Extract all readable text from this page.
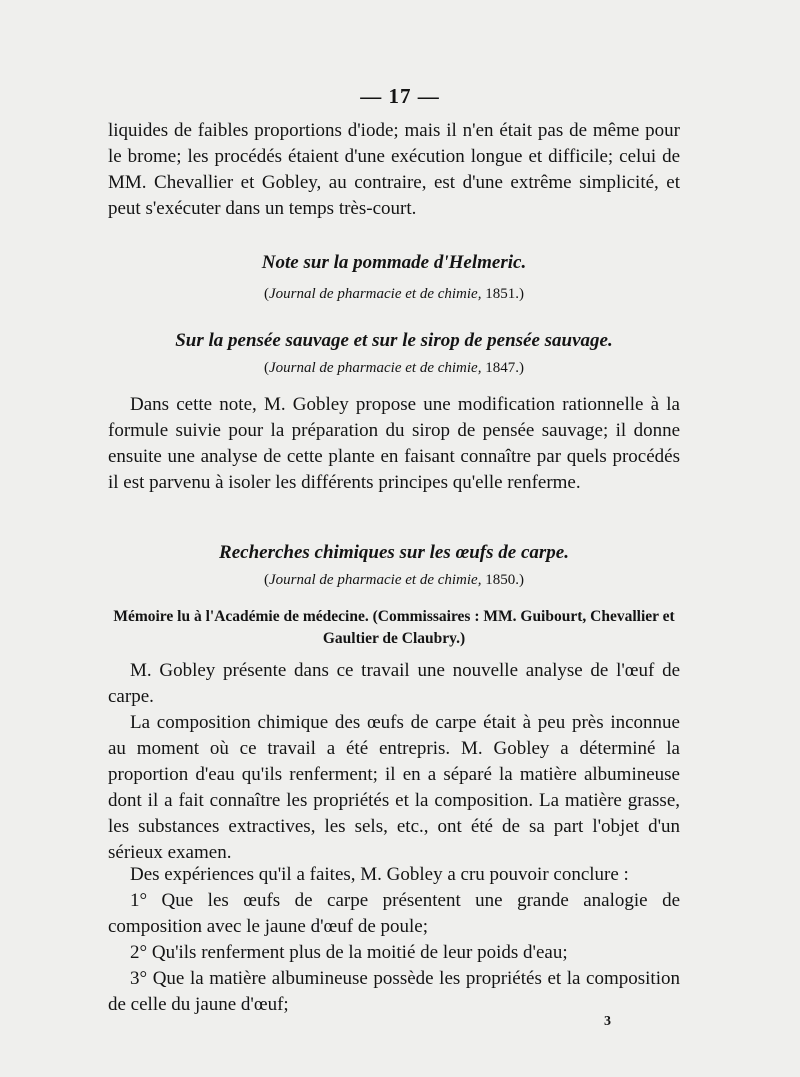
— 17 —

liquides de faibles proportions d'iode; mais il n'en était pas de même pour le brome; les procédés étaient d'une exécution longue et difficile; celui de MM. Chevallier et Gobley, au contraire, est d'une extrême simplicité, et peut s'exécuter dans un temps très-court.

Note sur la pommade d'Helmeric.
(Journal de pharmacie et de chimie, 1851.)
Sur la pensée sauvage et sur le sirop de pensée sauvage.
(Journal de pharmacie et de chimie, 1847.)

Dans cette note, M. Gobley propose une modification rationnelle à la formule suivie pour la préparation du sirop de pensée sauvage; il donne ensuite une analyse de cette plante en faisant connaître par quels procédés il est parvenu à isoler les différents principes qu'elle renferme.

Recherches chimiques sur les œufs de carpe.
(Journal de pharmacie et de chimie, 1850.)
Mémoire lu à l'Académie de médecine. (Commissaires : MM. Guibourt, Chevallier et Gaultier de Claubry.)

M. Gobley présente dans ce travail une nouvelle analyse de l'œuf de carpe.

La composition chimique des œufs de carpe était à peu près inconnue au moment où ce travail a été entrepris. M. Gobley a déterminé la proportion d'eau qu'ils renferment; il en a séparé la matière albumineuse dont il a fait connaître les propriétés et la composition. La matière grasse, les substances extractives, les sels, etc., ont été de sa part l'objet d'un sérieux examen.

Des expériences qu'il a faites, M. Gobley a cru pouvoir conclure :

1° Que les œufs de carpe présentent une grande analogie de composition avec le jaune d'œuf de poule;
2° Qu'ils renferment plus de la moitié de leur poids d'eau;
3° Que la matière albumineuse possède les propriétés et la composition de celle du jaune d'œuf;
3
